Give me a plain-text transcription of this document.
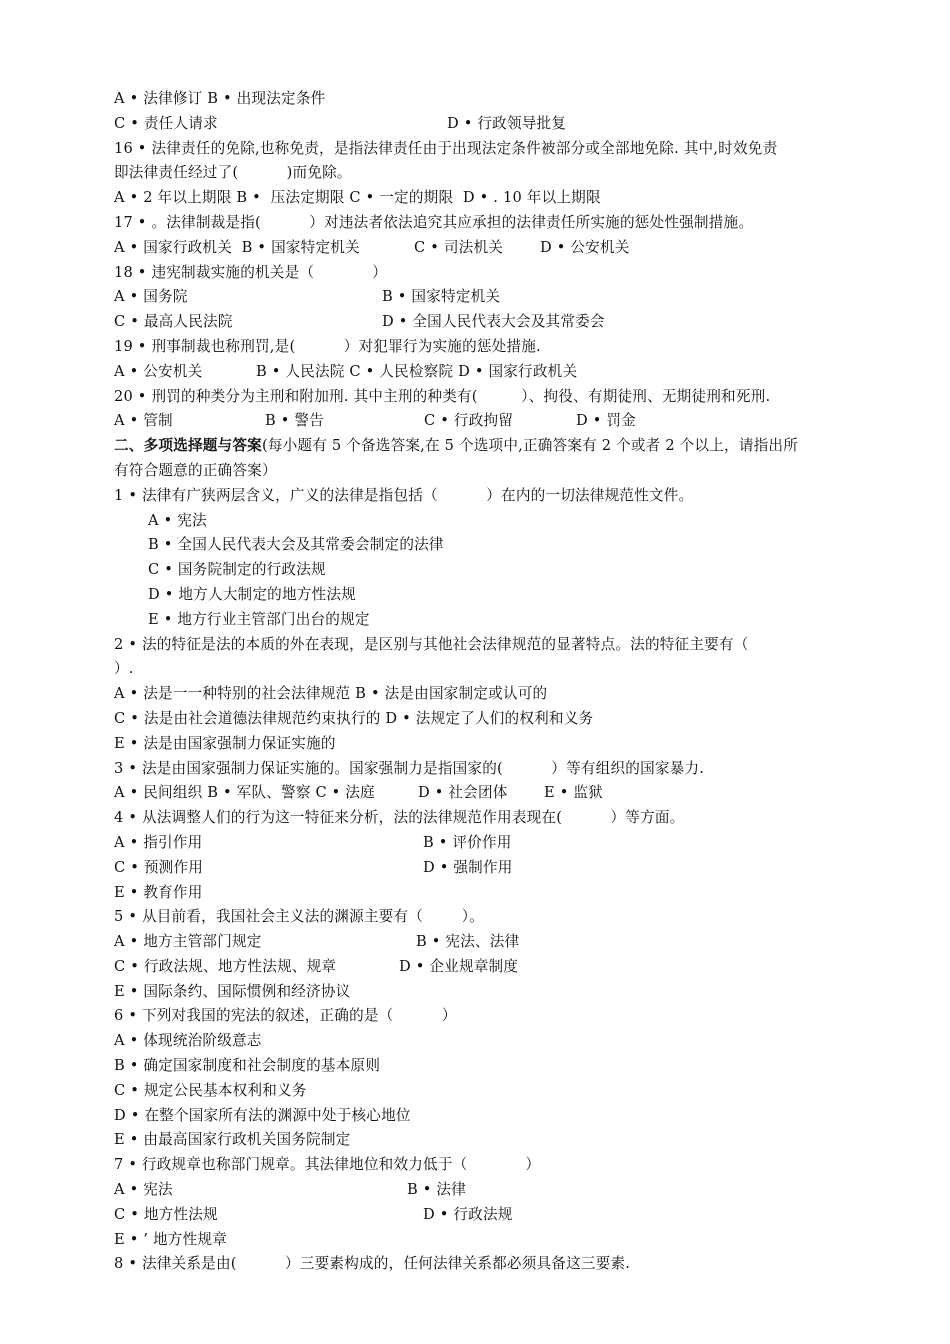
A • 法律修订 B • 出现法定条件
C • 责任人请求	D • 行政领导批复
16 • 法律责任的免除,也称免责，是指法律责任由于出现法定条件被部分或全部地免除. 其中,时效免责
即法律责任经过了(          )而免除。
A • 2 年以上期限 B •  压法定期限 C • 一定的期限  D • . 10 年以上期限
17 • 。法律制裁是指(          ）对违法者依法追究其应承担的法律责任所实施的惩处性强制措施。
A • 国家行政机关  B • 国家特定机关	C • 司法机关	D • 公安机关
18 • 违宪制裁实施的机关是（            ）
A • 国务院	B • 国家特定机关
C • 最高人民法院	D • 全国人民代表大会及其常委会
19 • 刑事制裁也称刑罚,是(          ）对犯罪行为实施的惩处措施.
A • 公安机关	B • 人民法院 C • 人民检察院 D • 国家行政机关
20 • 刑罚的种类分为主刑和附加刑. 其中主刑的种类有(         ）、拘役、有期徒刑、无期徒刑和死刑.
A • 管制	B • 警告	C • 行政拘留	D • 罚金
二、多项选择题与答案(每小题有 5 个备选答案,在 5 个选项中,正确答案有 2 个或者 2 个以上，请指出所
有符合题意的正确答案）
1 • 法律有广狭两层含义，广义的法律是指包括（          ）在内的一切法律规范性文件。
A • 宪法
B • 全国人民代表大会及其常委会制定的法律
C • 国务院制定的行政法规
D • 地方人大制定的地方性法规
E • 地方行业主管部门出台的规定
2 • 法的特征是法的本质的外在表现，是区别与其他社会法律规范的显著特点。法的特征主要有（
）.
A • 法是一一种特别的社会法律规范 B • 法是由国家制定或认可的
C • 法是由社会道德法律规范约束执行的 D • 法规定了人们的权利和义务
E • 法是由国家强制力保证实施的
3 • 法是由国家强制力保证实施的。国家强制力是指国家的(          ）等有组织的国家暴力.
A • 民间组织 B • 军队、警察 C • 法庭	D • 社会团体 E • 监狱
4 • 从法调整人们的行为这一特征来分析，法的法律规范作用表现在(          ）等方面。
A • 指引作用	B • 评价作用
C • 预测作用	D • 强制作用
E • 教育作用
5 • 从目前看，我国社会主义法的渊源主要有（        ）。
A • 地方主管部门规定	B • 宪法、法律
C • 行政法规、地方性法规、规章	D • 企业规章制度
E • 国际条约、国际惯例和经济协议
6 • 下列对我国的宪法的叙述，正确的是（          ）
A • 体现统治阶级意志
B • 确定国家制度和社会制度的基本原则
C • 规定公民基本权利和义务
D • 在整个国家所有法的渊源中处于核心地位
E • 由最高国家行政机关国务院制定
7 • 行政规章也称部门规章。其法律地位和效力低于（            ）
A • 宪法	B • 法律
C • 地方性法规	D • 行政法规
E • ’ 地方性规章
8 • 法律关系是由(          ）三要素构成的，任何法律关系都必须具备这三要素.
